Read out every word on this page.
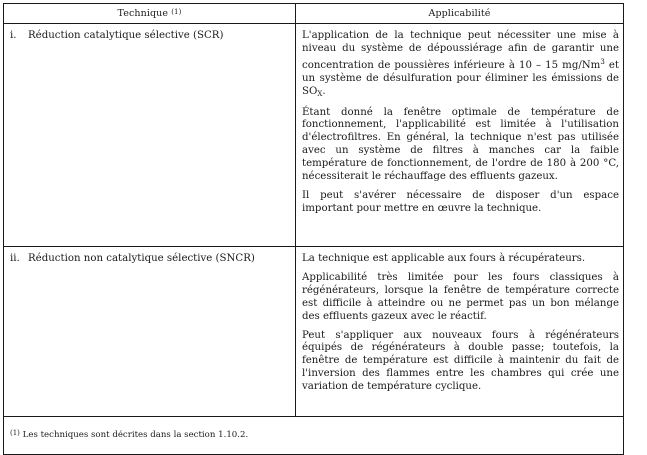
Technique $^{(1)}$	Applicabilité
i. Réduction catalytique sélective (SCR)	L'application de la technique peut nécessiter une mise à niveau du système de dépoussiérage afin de garantir une concentration de poussières inférieure à 10 – 15 mg/Nm$^3$ et un système de désulfuration pour éliminer les émissions de $SO_X$.

Étant donné la fenêtre optimale de température de fonctionnement, l'applicabilité est limitée à l'utilisation d'électrofiltres. En général, la technique n'est pas utilisée avec un système de filtres à manches car la faible température de fonctionnement, de l'ordre de 180 à 200 °C, nécessiterait le réchauffage des effluents gazeux.

Il peut s'avérer nécessaire de disposer d'un espace important pour mettre en œuvre la technique.

ii. Réduction non catalytique sélective (SNCR)	La technique est applicable aux fours à récupérateurs.

Applicabilité très limitée pour les fours classiques à régénérateurs, lorsque la fenêtre de température correcte est difficile à atteindre ou ne permet pas un bon mélange des effluents gazeux avec le réactif.

Peut s'appliquer aux nouveaux fours à régénérateurs équipés de régénérateurs à double passe; toutefois, la fenêtre de température est difficile à maintenir du fait de l'inversion des flammes entre les chambres qui crée une variation de température cyclique.

$^{(1)}$ Les techniques sont décrites dans la section 1.10.2.	
